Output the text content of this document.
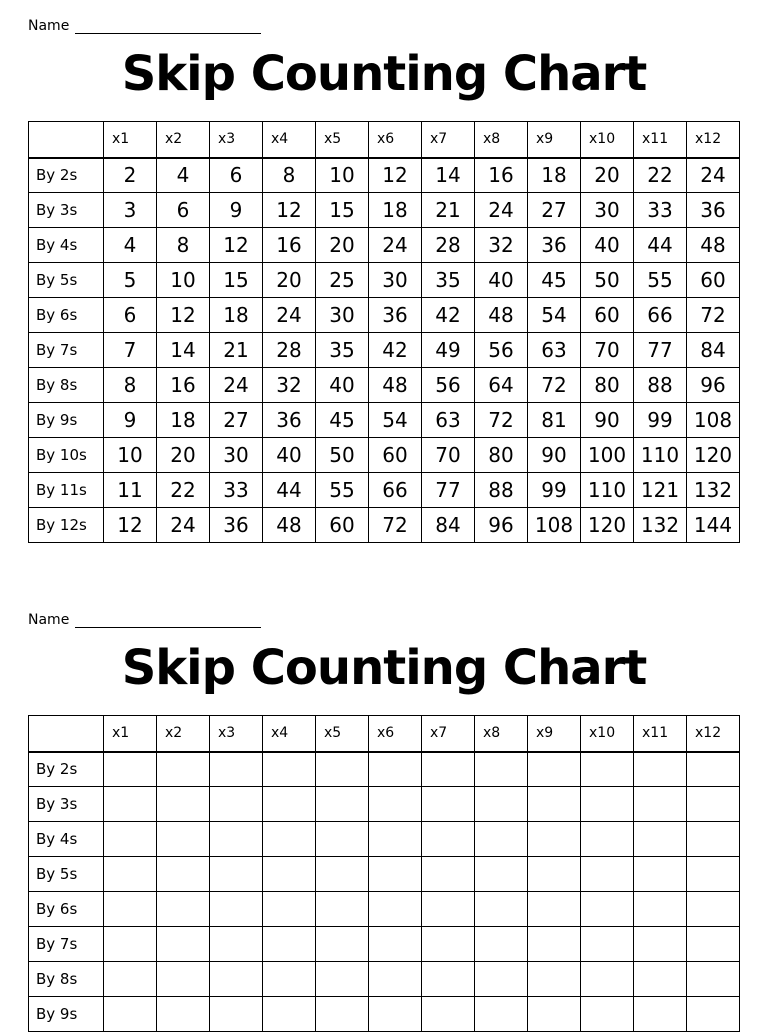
Name
Skip Counting Chart
	x1	x2	x3	x4	x5	x6	x7	x8	x9	x10	x11	x12
By 2s	2	4	6	8	10	12	14	16	18	20	22	24
By 3s	3	6	9	12	15	18	21	24	27	30	33	36
By 4s	4	8	12	16	20	24	28	32	36	40	44	48
By 5s	5	10	15	20	25	30	35	40	45	50	55	60
By 6s	6	12	18	24	30	36	42	48	54	60	66	72
By 7s	7	14	21	28	35	42	49	56	63	70	77	84
By 8s	8	16	24	32	40	48	56	64	72	80	88	96
By 9s	9	18	27	36	45	54	63	72	81	90	99	108
By 10s	10	20	30	40	50	60	70	80	90	100	110	120
By 11s	11	22	33	44	55	66	77	88	99	110	121	132
By 12s	12	24	36	48	60	72	84	96	108	120	132	144
Name
Skip Counting Chart
	x1	x2	x3	x4	x5	x6	x7	x8	x9	x10	x11	x12
By 2s												
By 3s												
By 4s												
By 5s												
By 6s												
By 7s												
By 8s												
By 9s												
